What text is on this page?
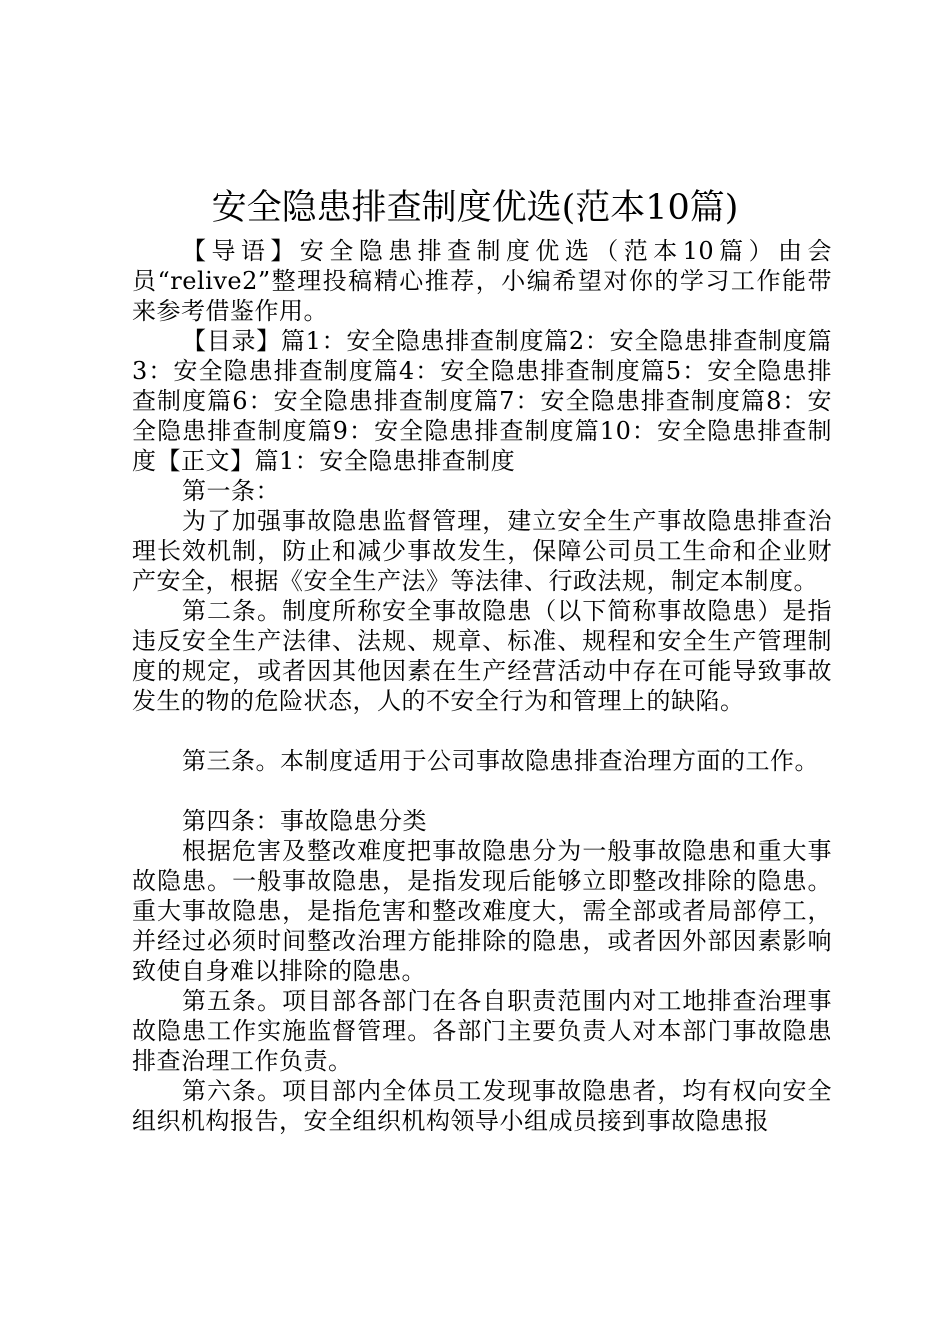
安全隐患排查制度优选(范本10篇)

【导语】安全隐患排查制度优选（范本10篇）由会员“relive2”整理投稿精心推荐，小编希望对你的学习工作能带来参考借鉴作用。

【目录】篇1：安全隐患排查制度篇2：安全隐患排查制度篇3：安全隐患排查制度篇4：安全隐患排查制度篇5：安全隐患排查制度篇6：安全隐患排查制度篇7：安全隐患排查制度篇8：安全隐患排查制度篇9：安全隐患排查制度篇10：安全隐患排查制度【正文】篇1：安全隐患排查制度

第一条：

为了加强事故隐患监督管理，建立安全生产事故隐患排查治理长效机制，防止和减少事故发生，保障公司员工生命和企业财产安全，根据《安全生产法》等法律、行政法规，制定本制度。

第二条。制度所称安全事故隐患（以下简称事故隐患）是指违反安全生产法律、法规、规章、标准、规程和安全生产管理制度的规定，或者因其他因素在生产经营活动中存在可能导致事故发生的物的危险状态，人的不安全行为和管理上的缺陷。

第三条。本制度适用于公司事故隐患排查治理方面的工作。

第四条：事故隐患分类

根据危害及整改难度把事故隐患分为一般事故隐患和重大事故隐患。一般事故隐患，是指发现后能够立即整改排除的隐患。重大事故隐患，是指危害和整改难度大，需全部或者局部停工，并经过必须时间整改治理方能排除的隐患，或者因外部因素影响致使自身难以排除的隐患。

第五条。项目部各部门在各自职责范围内对工地排查治理事故隐患工作实施监督管理。各部门主要负责人对本部门事故隐患排查治理工作负责。

第六条。项目部内全体员工发现事故隐患者，均有权向安全组织机构报告，安全组织机构领导小组成员接到事故隐患报
